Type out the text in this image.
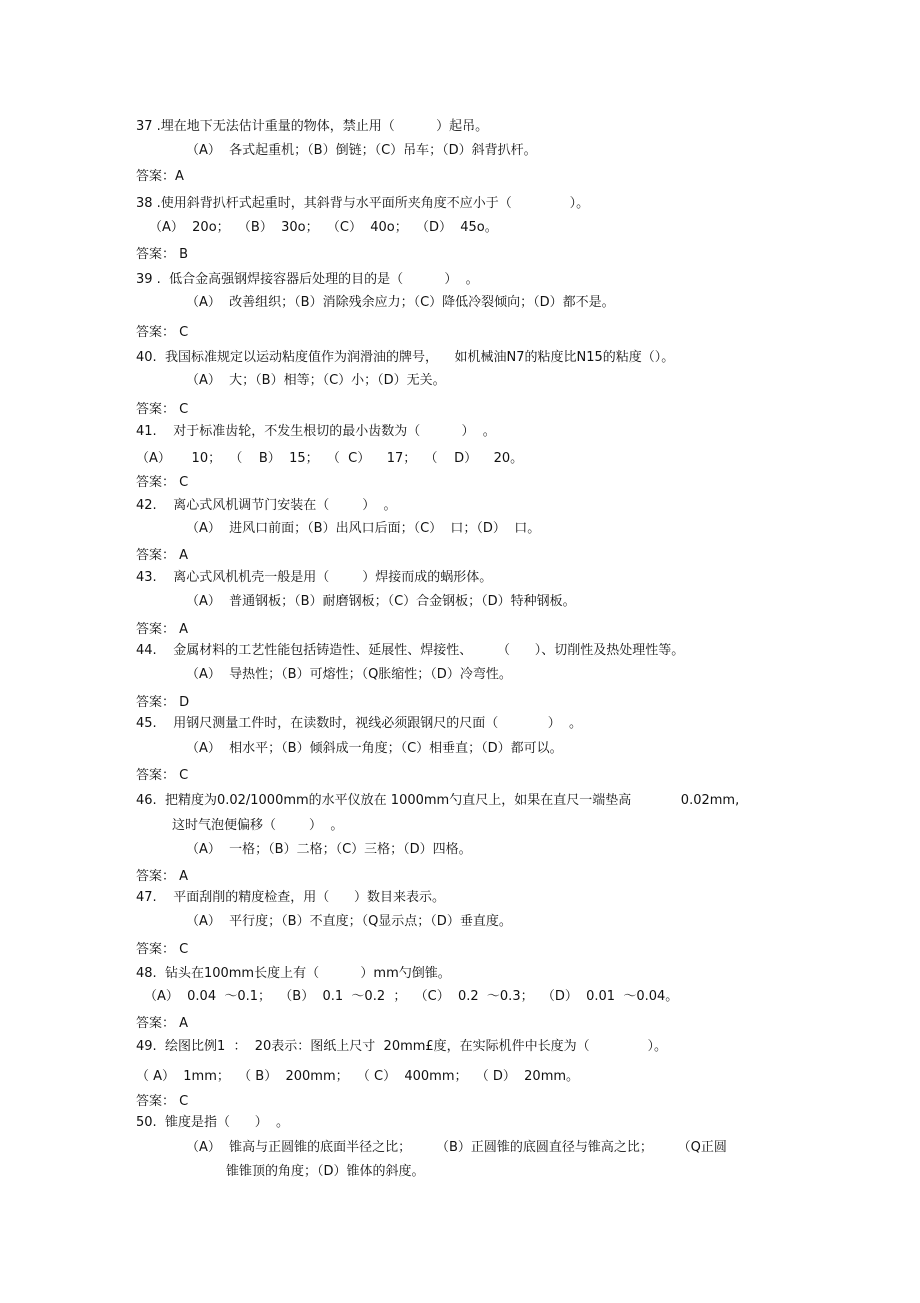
37 .埋在地下无法估计重量的物体，禁止用（          ）起吊。
（A）  各式起重机；（B）倒链；（C）吊车；（D）斜背扒杆。
答案：A
38 .使用斜背扒杆式起重时，其斜背与水平面所夹角度不应小于（              ）。
（A）  20o；  （B）  30o；  （C）  40o；  （D）  45o。
答案： B
39 .  低合金高强钢焊接容器后处理的目的是（          ）  。
（A）  改善组织；（B）消除残余应力；（C）降低冷裂倾向；（D）都不是。
答案： C
40.  我国标准规定以运动粘度值作为润滑油的牌号，    如机械油N7的粘度比N15的粘度（）。
（A）  大；（B）相等；（C）小；（D）无关。
答案： C
41.    对于标准齿轮，不发生根切的最小齿数为（          ）  。
（A）     10；  （    B）  15；  （  C）    17；  （    D）    20。
答案： C
42.    离心式风机调节门安装在（        ）  。
（A）  进风口前面；（B）出风口后面；（C）  口；（D）  口。
答案： A
43.    离心式风机机壳一般是用（        ）焊接而成的蜗形体。
（A）  普通钢板；（B）耐磨钢板；（C）合金钢板；（D）特种钢板。
答案： A
44.    金属材料的工艺性能包括铸造性、延展性、焊接性、      （      ）、切削性及热处理性等。
（A）  导热性；（B）可熔性；（Q胀缩性；（D）冷弯性。
答案： D
45.    用钢尺测量工件时，在读数时，视线必须跟钢尺的尺面（            ）  。
（A）  相水平；（B）倾斜成一角度；（C）相垂直；（D）都可以。
答案： C
46.  把精度为0.02/1000mm的水平仪放在 1000mm勺直尺上，如果在直尺一端垫高            0.02mm,
这时气泡便偏移（        ）  。
（A）  一格；（B）二格；（C）三格；（D）四格。
答案： A
47.    平面刮削的精度检查，用（      ）数目来表示。
（A）  平行度；（B）不直度；（Q显示点；（D）垂直度。
答案： C
48.  钻头在100mm长度上有（          ）mm勺倒锥。
（A）  0.04  ～0.1；  （B）  0.1  ～0.2  ；  （C）  0.2  ～0.3；  （D）  0.01  ～0.04。
答案： A
49.  绘图比例1  ：  20表示：图纸上尺寸  20mm£度，在实际机件中长度为（              ）。
（ A）  1mm；  （ B）  200mm；  （ C）  400mm；  （ D）  20mm。
答案： C
50.  锥度是指（      ）  。
（A）  锥高与正圆锥的底面半径之比；      （B）正圆锥的底圆直径与锥高之比；      （Q正圆
锥锥顶的角度；（D）锥体的斜度。
